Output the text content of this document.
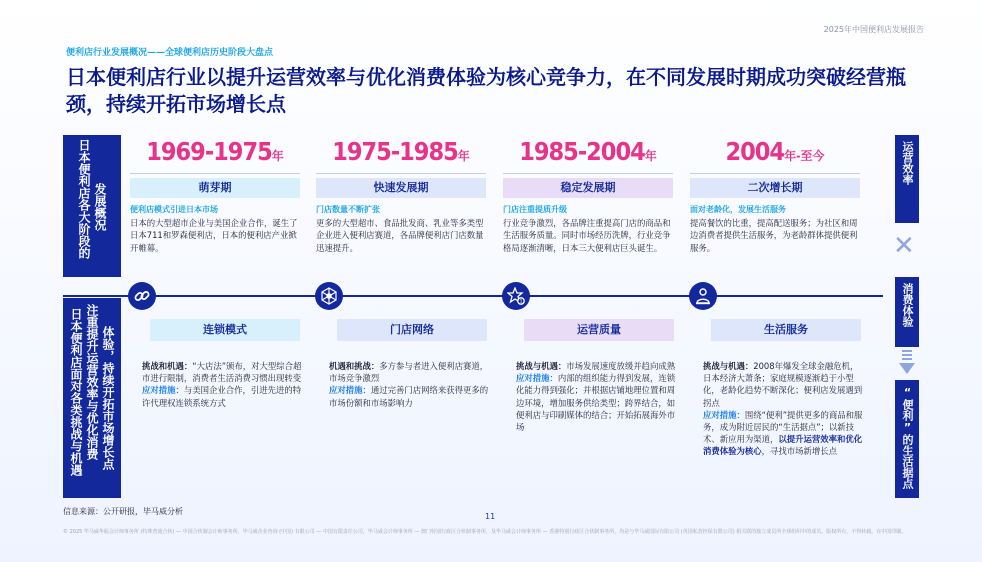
2025年中国便利店发展报告
便利店行业发展概况——全球便利店历史阶段大盘点
日本便利店行业以提升运营效率与优化消费体验为核心竞争力，在不同发展时期成功突破经营瓶颈，持续开拓市场增长点
日本便利店各大阶段的 发展概况
日本便利店面对各类挑战与机遇 注重提升运营效率与优化消费 体验，持续开拓市场增长点
运营效率
✕
消费体验
“便利”的生活据点
1969-1975年
萌芽期
便利店模式引进日本市场
日本的大型超市企业与美国企业合作，诞生了日本711和罗森便利店，日本的便利店产业掀开帷幕。
1975-1985年
快速发展期
门店数量不断扩张
更多的大型超市、食品批发商、乳业等多类型企业进入便利店赛道，各品牌便利店门店数量迅速提升。
1985-2004年
稳定发展期
门店注重提质升级
行业竞争激烈，各品牌注重提高门店的商品和生活服务质量。同时市场经历洗牌，行业竞争格局逐渐清晰，日本三大便利店巨头诞生。
2004年-至今
二次增长期
面对老龄化，发展生活服务
提高餐饮的比重，提高配送服务；为社区和周边消费者提供生活服务，为老龄群体提供便利服务。
1
连锁模式	门店网络	运营质量	生活服务
挑战和机遇：“大店法”颁布，对大型综合超市进行限制，消费者生活消费习惯出现转变
应对措施：与美国企业合作，引进先进的特许代理权连锁系统方式
机遇和挑战：多方参与者进入便利店赛道，市场竞争激烈
应对措施：通过完善门店网络来获得更多的市场份额和市场影响力
挑战与机遇：市场发展速度放缓并趋向成熟
应对措施：内部的组织能力得到发展，连锁化能力得到强化；并根据店铺地理位置和周边环境，增加服务供给类型；跨界结合，如便利店与印刷媒体的结合；开始拓展海外市场
挑战与机遇：2008年爆发全球金融危机，日本经济大萧条；家庭规模逐渐趋于小型化，老龄化趋势不断深化；便利店发展遇到拐点
应对措施：围绕“便利”提供更多的商品和服务，成为附近居民的“生活据点”；以新技术、新应用为渠道，以提升运营效率和优化消费体验为核心，寻找市场新增长点
信息来源：公开研报，毕马威分析
11
© 2025 毕马威华振会计师事务所 (特殊普通合伙) — 中国合伙制会计师事务所，毕马威企业咨询 (中国) 有限公司 — 中国有限责任公司，毕马威会计师事务所 — 澳门特别行政区合伙制事务所，及毕马威会计师事务所 — 香港特别行政区合伙制事务所，均是与毕马威国际有限公司 (英国私营担保有限公司) 相关联的独立成员所全球组织中的成员。版权所有，不得转载。在中国印刷。
